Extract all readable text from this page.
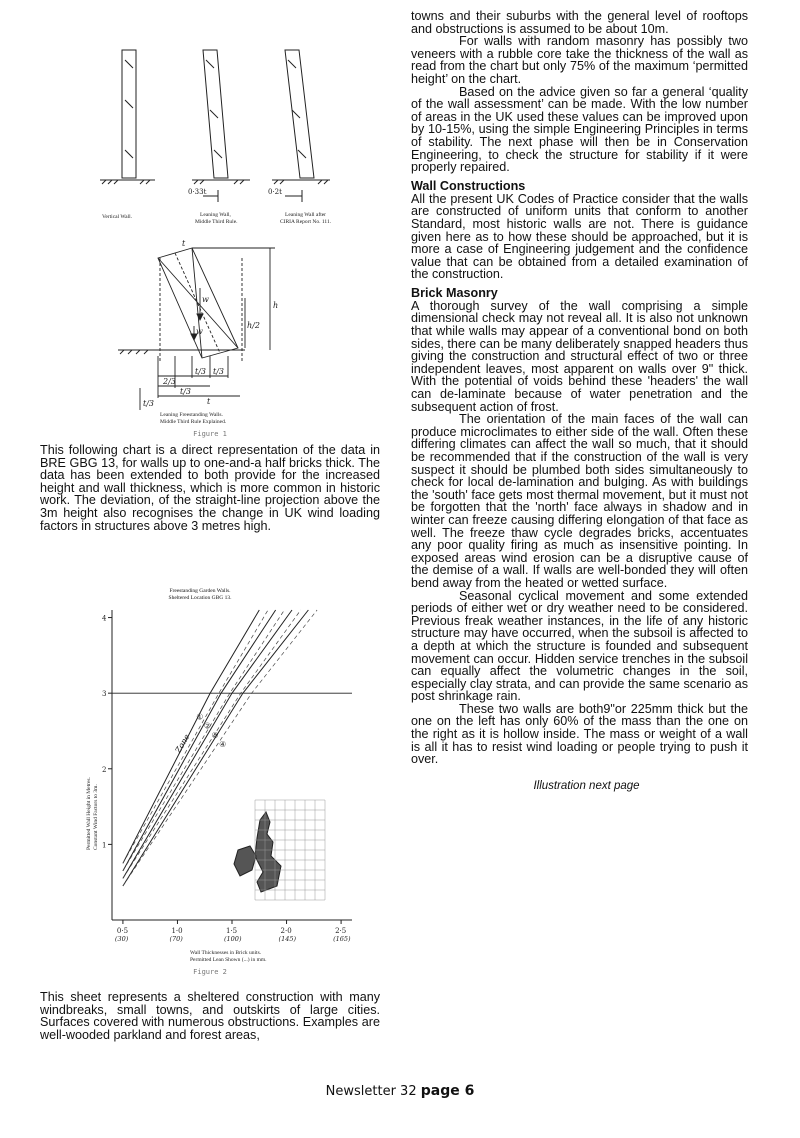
0·33t	0·2t
Vertical Wall.	Leaning Wall,
Middle Third Rule.
Leaning Wall after
CIRIA Report No. 111.
t
h
h/2
w
w
t/3 t/3
2/3
t/3
t
t/3
Leaning Freestanding Walls.
Middle Third Rule Explained.
Figure 1

This following chart is a direct representation of the data in BRE GBG 13, for walls up to one-and-a half bricks thick. The data has been extended to both provide for the increased height and wall thickness, which is more common in historic work. The deviation, of the straight-line projection above the 3m height also recognises the change in UK wind loading factors in structures above 3 metres high.

Freestanding Garden Walls.
Sheltered Location GBG 13.
1
2
3
4
0·5
(30)
1·0
(70)
1·5
(100)
2·0
(145)
2·5
(165)
①
②
③
④
Zone
Permitted Wall Height in Metres. Constant Wind Factors to 3m.
Wall Thicknesses in Brick units.
Permitted Lean Shown (...) in mm.
Figure 2

This sheet represents a sheltered construction with many windbreaks, small towns, and outskirts of large cities. Surfaces covered with numerous obstructions. Examples are well-wooded parkland and forest areas,

towns and their suburbs with the general level of rooftops and obstructions is assumed to be about 10m.

For walls with random masonry has possibly two veneers with a rubble core take the thickness of the wall as read from the chart but only 75% of the maximum ‘permitted height’ on the chart.

Based on the advice given so far a general ‘quality of the wall assessment’ can be made. With the low number of areas in the UK used these values can be improved upon by 10-15%, using the simple Engineering Principles in terms of stability. The next phase will then be in Conservation Engineering, to check the structure for stability if it were properly repaired.

Wall Constructions

All the present UK Codes of Practice consider that the walls are constructed of uniform units that conform to another Standard, most historic walls are not. There is guidance given here as to how these should be approached, but it is more a case of Engineering judgement and the confidence value that can be obtained from a detailed examination of the construction.

Brick Masonry

A thorough survey of the wall comprising a simple dimensional check may not reveal all. It is also not unknown that while walls may appear of a conventional bond on both sides, there can be many deliberately snapped headers thus giving the construction and structural effect of two or three independent leaves, most apparent on walls over 9" thick. With the potential of voids behind these 'headers' the wall can de-laminate because of water penetration and the subsequent action of frost.

The orientation of the main faces of the wall can produce microclimates to either side of the wall. Often these differing climates can affect the wall so much, that it should be recommended that if the construction of the wall is very suspect it should be plumbed both sides simultaneously to check for local de-lamination and bulging. As with buildings the 'south' face gets most thermal movement, but it must not be forgotten that the 'north' face always in shadow and in winter can freeze causing differing elongation of that face as well. The freeze thaw cycle degrades bricks, accentuates any poor quality firing as much as insensitive pointing. In exposed areas wind erosion can be a disruptive cause of the demise of a wall. If walls are well-bonded they will often bend away from the heated or wetted surface.

Seasonal cyclical movement and some extended periods of either wet or dry weather need to be considered. Previous freak weather instances, in the life of any historic structure may have occurred, when the subsoil is affected to a depth at which the structure is founded and subsequent movement can occur. Hidden service trenches in the subsoil can equally affect the volumetric changes in the soil, especially clay strata, and can provide the same scenario as post shrinkage rain.

These two walls are both9"or 225mm thick but the one on the left has only 60% of the mass than the one on the right as it is hollow inside. The mass or weight of a wall is all it has to resist wind loading or people trying to push it over.

Illustration next page
Newsletter 32 page 6
